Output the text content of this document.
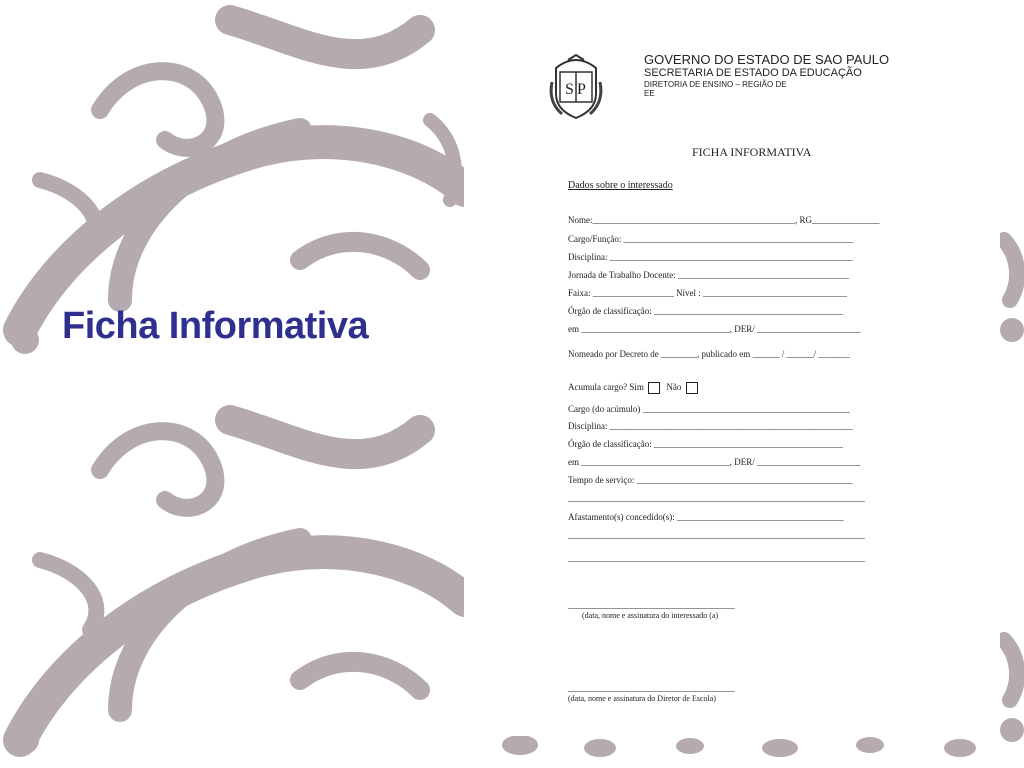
Ficha Informativa
S P
GOVERNO DO ESTADO DE SAO PAULO
SECRETARIA DE ESTADO DA EDUCAÇÃO
DIRETORIA DE ENSINO – REGIÃO DE
EE
FICHA INFORMATIVA
Dados sobre o interessado
Nome:_____________________________________________, RG_______________
Cargo/Função: ___________________________________________________
Disciplina: ______________________________________________________
Jornada de Trabalho Docente: ______________________________________
Faixa: __________________ Nível : ________________________________
Órgão de classificação: __________________________________________
em _________________________________, DER/ _______________________
Nomeado por Decreto de ________, publicado em ______ / ______/ _______
Acumula cargo? Sim	Não
Cargo (do acúmulo) ______________________________________________
Disciplina: ______________________________________________________
Órgão de classificação: __________________________________________
em _________________________________, DER/ _______________________
Tempo de serviço: ________________________________________________
__________________________________________________________________
Afastamento(s) concedido(s): _____________________________________
__________________________________________________________________
__________________________________________________________________
_____________________________________
(data, nome e assinatura do interessado (a)
_____________________________________
(data, nome e assinatura do Diretor de Escola)
